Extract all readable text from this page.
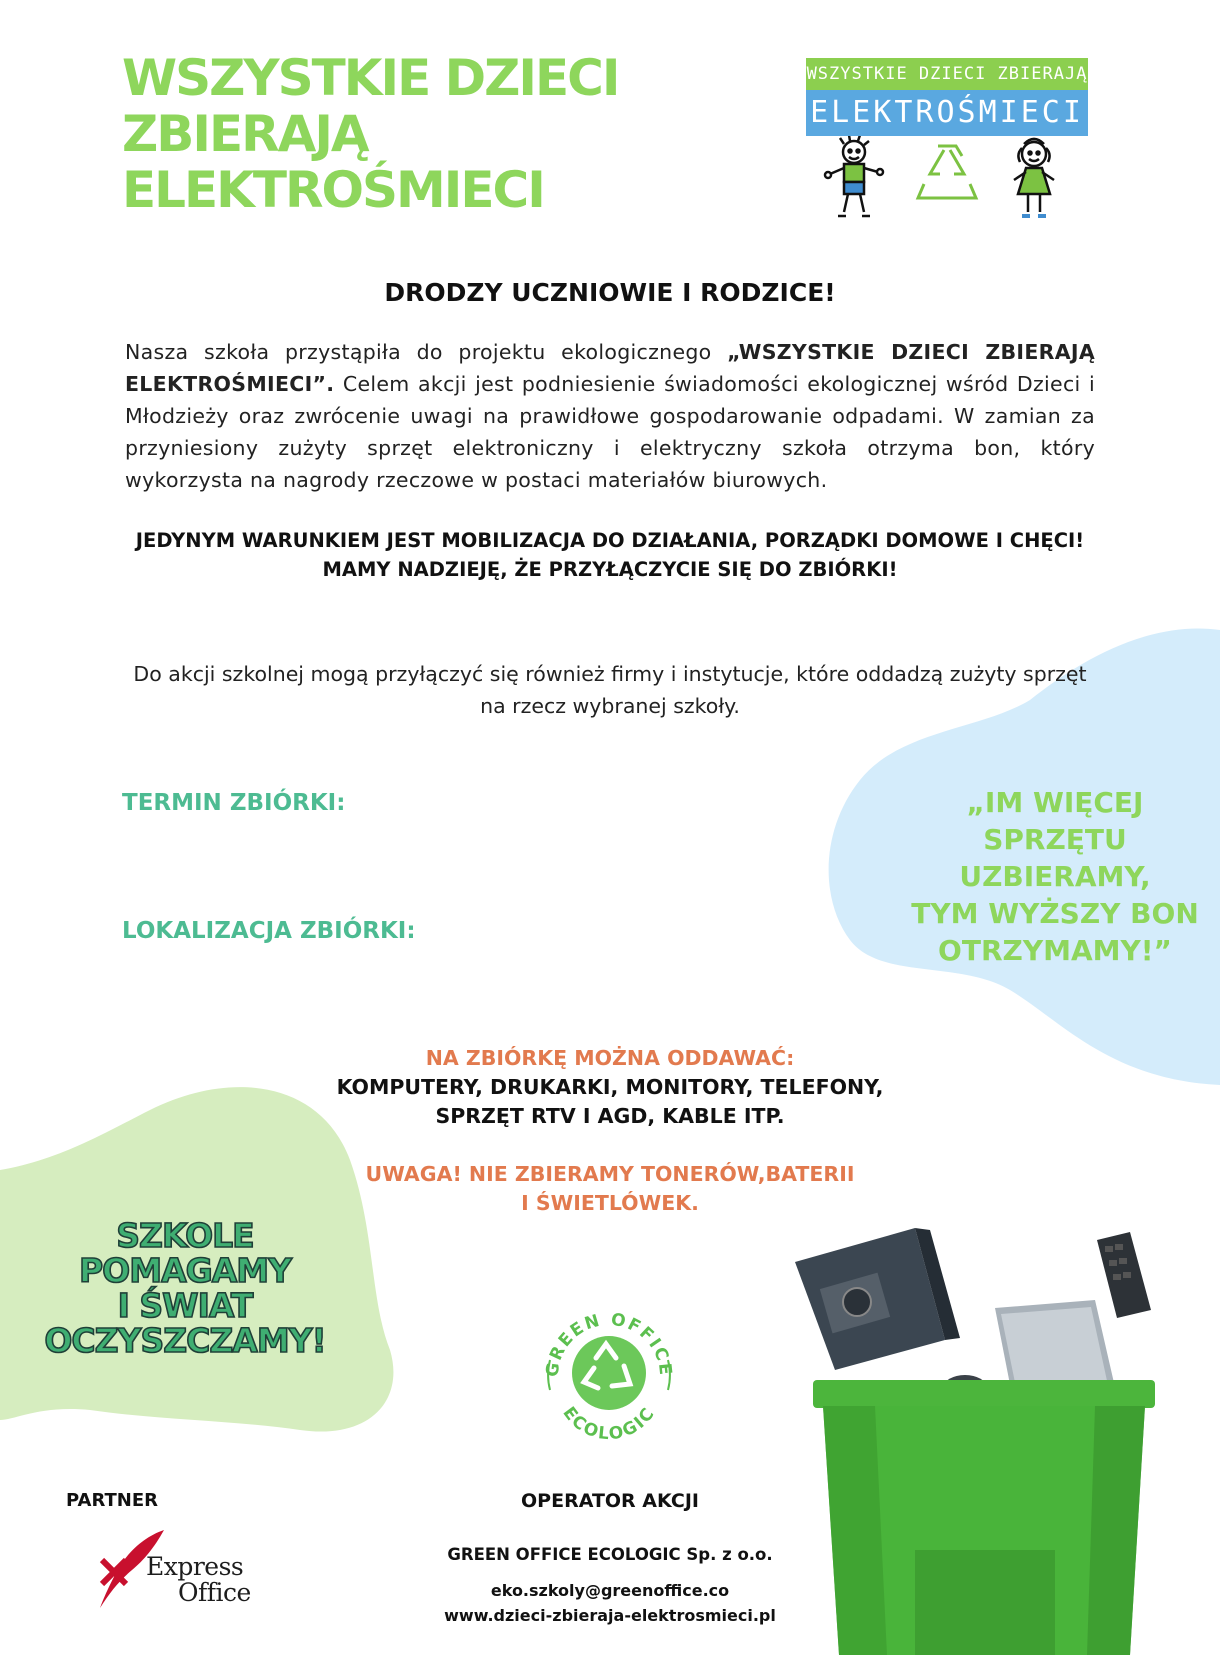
WSZYSTKIE DZIECI
ZBIERAJĄ
ELEKTROŚMIECI
WSZYSTKIE DZIECI ZBIERAJĄ
ELEKTROŚMIECI
DRODZY UCZNIOWIE I RODZICE!

Nasza szkoła przystąpiła do projektu ekologicznego „WSZYSTKIE DZIECI ZBIERAJĄ ELEKTROŚMIECI”. Celem akcji jest podniesienie świadomości ekologicznej wśród Dzieci i Młodzieży oraz zwrócenie uwagi na prawidłowe gospodarowanie odpadami. W zamian za przyniesiony zużyty sprzęt elektroniczny i elektryczny szkoła otrzyma bon, który wykorzysta na nagrody rzeczowe w postaci materiałów biurowych.

JEDYNYM WARUNKIEM JEST MOBILIZACJA DO DZIAŁANIA, PORZĄDKI DOMOWE I CHĘCI!
MAMY NADZIEJĘ, ŻE PRZYŁĄCZYCIE SIĘ DO ZBIÓRKI!

Do akcji szkolnej mogą przyłączyć się również firmy i instytucje, które oddadzą zużyty sprzęt na rzecz wybranej szkoły.

TERMIN ZBIÓRKI:
LOKALIZACJA ZBIÓRKI:
„IM WIĘCEJ SPRZĘTU
UZBIERAMY,
TYM WYŻSZY BON
OTRZYMAMY!”
NA ZBIÓRKĘ MOŻNA ODDAWAĆ:
KOMPUTERY, DRUKARKI, MONITORY, TELEFONY,
SPRZĘT RTV I AGD, KABLE ITP.
UWAGA! NIE ZBIERAMY TONERÓW,BATERII
I ŚWIETLÓWEK.
SZKOLE
POMAGAMY
I ŚWIAT
OCZYSZCZAMY!
PARTNER
Express
Office
GREEN OFFICE
ECOLOGIC
OPERATOR AKCJI
GREEN OFFICE ECOLOGIC Sp. z o.o.
eko.szkoly@greenoffice.co
www.dzieci-zbieraja-elektrosmieci.pl
